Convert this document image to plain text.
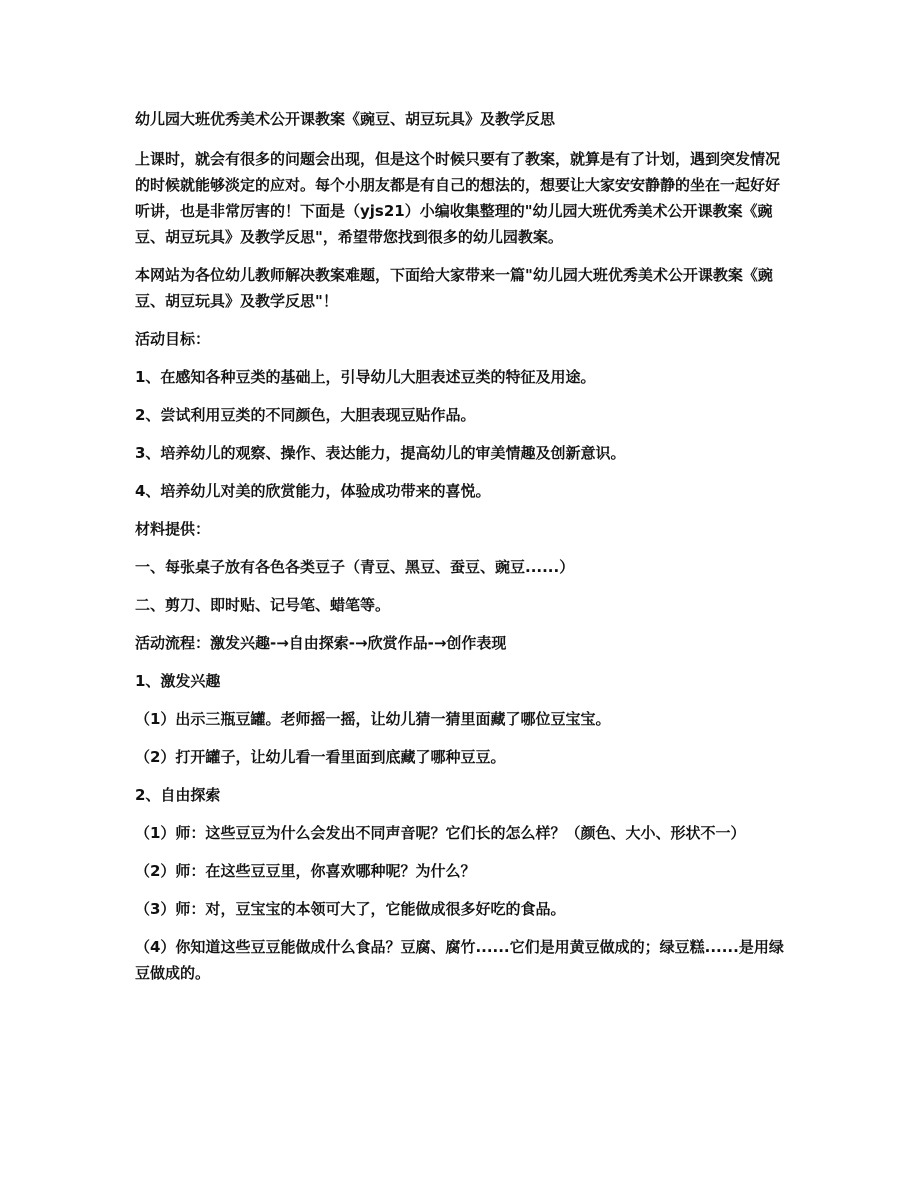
幼儿园大班优秀美术公开课教案《豌豆、胡豆玩具》及教学反思

上课时，就会有很多的问题会出现，但是这个时候只要有了教案，就算是有了计划，遇到突发情况的时候就能够淡定的应对。每个小朋友都是有自己的想法的，想要让大家安安静静的坐在一起好好听讲，也是非常厉害的！下面是（yjs21）小编收集整理的"幼儿园大班优秀美术公开课教案《豌豆、胡豆玩具》及教学反思"，希望带您找到很多的幼儿园教案。

本网站为各位幼儿教师解决教案难题，下面给大家带来一篇"幼儿园大班优秀美术公开课教案《豌豆、胡豆玩具》及教学反思"！

活动目标：

1、在感知各种豆类的基础上，引导幼儿大胆表述豆类的特征及用途。

2、尝试利用豆类的不同颜色，大胆表现豆贴作品。

3、培养幼儿的观察、操作、表达能力，提高幼儿的审美情趣及创新意识。

4、培养幼儿对美的欣赏能力，体验成功带来的喜悦。

材料提供：

一、每张桌子放有各色各类豆子（青豆、黑豆、蚕豆、豌豆......）

二、剪刀、即时贴、记号笔、蜡笔等。

活动流程：激发兴趣-→自由探索-→欣赏作品-→创作表现

1、激发兴趣

（1）出示三瓶豆罐。老师摇一摇，让幼儿猜一猜里面藏了哪位豆宝宝。

（2）打开罐子，让幼儿看一看里面到底藏了哪种豆豆。

2、自由探索

（1）师：这些豆豆为什么会发出不同声音呢？它们长的怎么样？（颜色、大小、形状不一）

（2）师：在这些豆豆里，你喜欢哪种呢？为什么？

（3）师：对，豆宝宝的本领可大了，它能做成很多好吃的食品。

（4）你知道这些豆豆能做成什么食品？豆腐、腐竹......它们是用黄豆做成的；绿豆糕......是用绿豆做成的。
